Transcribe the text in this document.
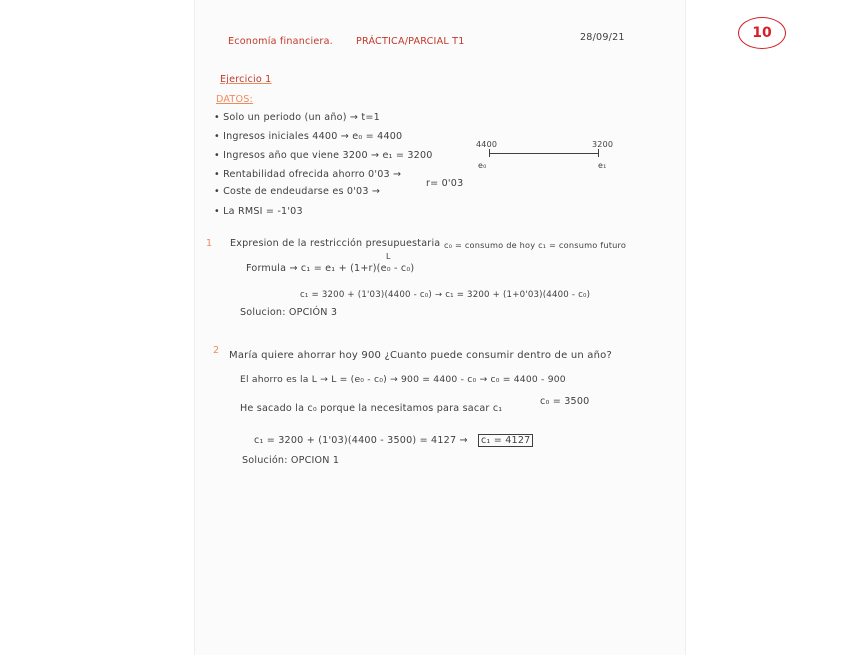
10
Economía financiera. PRÁCTICA/PARCIAL T1	28/09/21
Ejercicio 1
DATOS:
• Solo un periodo (un año) → t=1
• Ingresos iniciales 4400 → e₀ = 4400
• Ingresos año que viene 3200 → e₁ = 3200
• Rentabilidad ofrecida ahorro 0'03 →
• Coste de endeudarse es 0'03 →
r= 0'03
• La RMSI = -1'03
4400	3200
e₀	e₁
1 Expresion de la restricción presupuestaria c₀ = consumo de hoy c₁ = consumo futuro
L
Formula → c₁ = e₁ + (1+r)(e₀ - c₀)
c₁ = 3200 + (1'03)(4400 - c₀) → c₁ = 3200 + (1+0'03)(4400 - c₀)
Solucion: OPCIÓN 3
2 María quiere ahorrar hoy 900 ¿Cuanto puede consumir dentro de un año?
El ahorro es la L → L = (e₀ - c₀) → 900 = 4400 - c₀ → c₀ = 4400 - 900
c₀ = 3500
He sacado la c₀ porque la necesitamos para sacar c₁
c₁ = 3200 + (1'03)(4400 - 3500) = 4127 →	c₁ = 4127
Solución: OPCION 1
